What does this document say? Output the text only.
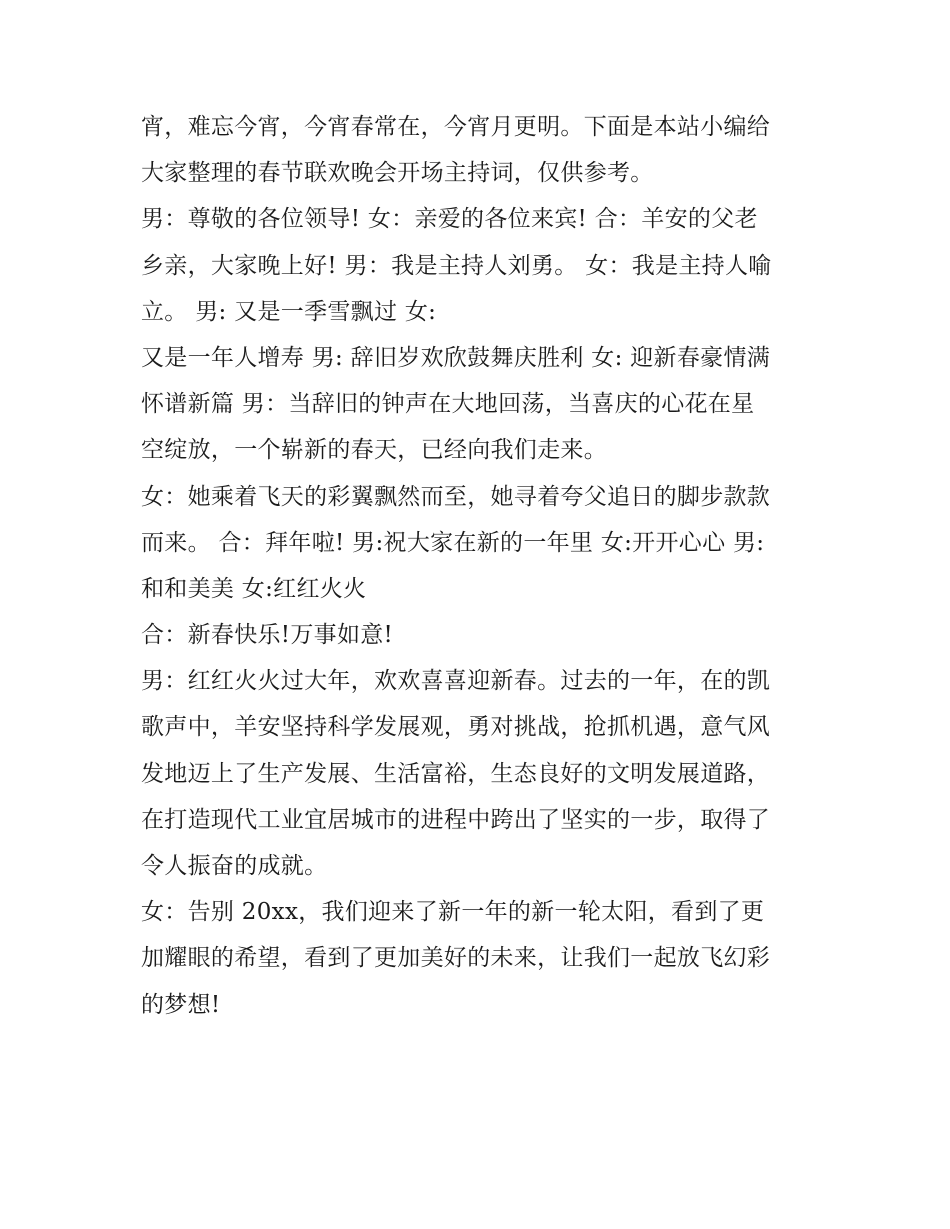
宵，难忘今宵，今宵春常在，今宵月更明。下面是本站小编给
大家整理的春节联欢晚会开场主持词，仅供参考。
男：尊敬的各位领导! 女：亲爱的各位来宾! 合：羊安的父老
乡亲，大家晚上好! 男：我是主持人刘勇。 女：我是主持人喻
立。 男: 又是一季雪飘过 女:
又是一年人增寿 男: 辞旧岁欢欣鼓舞庆胜利 女: 迎新春豪情满
怀谱新篇 男：当辞旧的钟声在大地回荡，当喜庆的心花在星
空绽放，一个崭新的春天，已经向我们走来。
女：她乘着飞天的彩翼飘然而至，她寻着夸父追日的脚步款款
而来。 合：拜年啦! 男:祝大家在新的一年里 女:开开心心 男:
和和美美 女:红红火火
合：新春快乐!万事如意!
男：红红火火过大年，欢欢喜喜迎新春。过去的一年，在的凯
歌声中，羊安坚持科学发展观，勇对挑战，抢抓机遇，意气风
发地迈上了生产发展、生活富裕，生态良好的文明发展道路，
在打造现代工业宜居城市的进程中跨出了坚实的一步，取得了
令人振奋的成就。
女：告别 20xx，我们迎来了新一年的新一轮太阳，看到了更
加耀眼的希望，看到了更加美好的未来，让我们一起放飞幻彩
的梦想!
